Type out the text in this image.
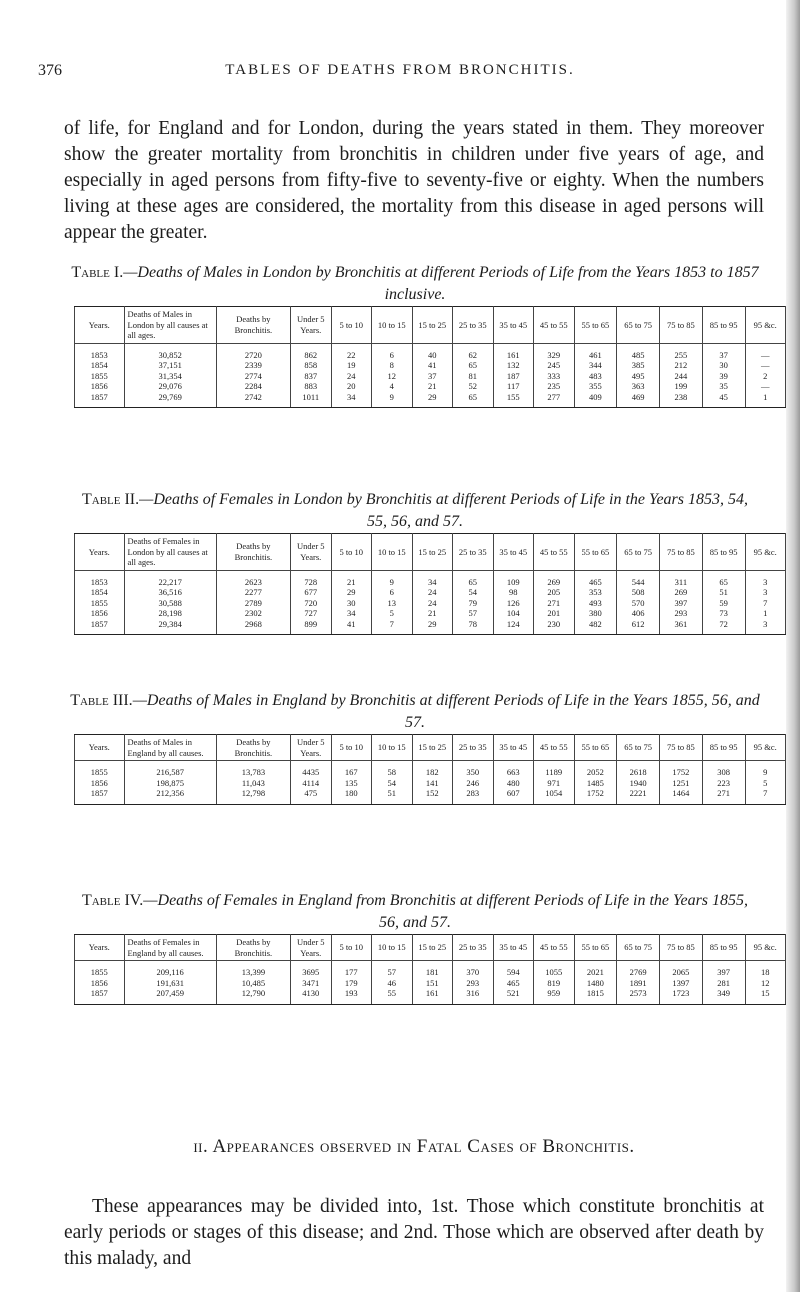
376	TABLES OF DEATHS FROM BRONCHITIS.

of life, for England and for London, during the years stated in them. They moreover show the greater mortality from bronchitis in children under five years of age, and especially in aged persons from fifty-five to seventy-five or eighty. When the numbers living at these ages are considered, the mortality from this disease in aged persons will appear the greater.

Table I.—Deaths of Males in London by Bronchitis at different Periods of Life from the Years 1853 to 1857 inclusive.
Years.	Deaths of Males in London by all causes at all ages.	Deaths by Bronchitis.	Under 5 Years.	5 to 10	10 to 15	15 to 25	25 to 35	35 to 45	45 to 55	55 to 65	65 to 75	75 to 85	85 to 95	95 &c.
1853	30,852	2720	862	22	6	40	62	161	329	461	485	255	37	—
1854	37,151	2339	858	19	8	41	65	132	245	344	385	212	30	—
1855	31,354	2774	837	24	12	37	81	187	333	483	495	244	39	2
1856	29,076	2284	883	20	4	21	52	117	235	355	363	199	35	—
1857	29,769	2742	1011	34	9	29	65	155	277	409	469	238	45	1
Table II.—Deaths of Females in London by Bronchitis at different Periods of Life in the Years 1853, 54, 55, 56, and 57.
Years.	Deaths of Females in London by all causes at all ages.	Deaths by Bronchitis.	Under 5 Years.	5 to 10	10 to 15	15 to 25	25 to 35	35 to 45	45 to 55	55 to 65	65 to 75	75 to 85	85 to 95	95 &c.
1853	22,217	2623	728	21	9	34	65	109	269	465	544	311	65	3
1854	36,516	2277	677	29	6	24	54	98	205	353	508	269	51	3
1855	30,588	2789	720	30	13	24	79	126	271	493	570	397	59	7
1856	28,198	2302	727	34	5	21	57	104	201	380	406	293	73	1
1857	29,384	2968	899	41	7	29	78	124	230	482	612	361	72	3
Table III.—Deaths of Males in England by Bronchitis at different Periods of Life in the Years 1855, 56, and 57.
Years.	Deaths of Males in England by all causes.	Deaths by Bronchitis.	Under 5 Years.	5 to 10	10 to 15	15 to 25	25 to 35	35 to 45	45 to 55	55 to 65	65 to 75	75 to 85	85 to 95	95 &c.
1855	216,587	13,783	4435	167	58	182	350	663	1189	2052	2618	1752	308	9
1856	198,875	11,043	4114	135	54	141	246	480	971	1485	1940	1251	223	5
1857	212,356	12,798	475	180	51	152	283	607	1054	1752	2221	1464	271	7
Table IV.—Deaths of Females in England from Bronchitis at different Periods of Life in the Years 1855, 56, and 57.
Years.	Deaths of Females in England by all causes.	Deaths by Bronchitis.	Under 5 Years.	5 to 10	10 to 15	15 to 25	25 to 35	35 to 45	45 to 55	55 to 65	65 to 75	75 to 85	85 to 95	95 &c.
1855	209,116	13,399	3695	177	57	181	370	594	1055	2021	2769	2065	397	18
1856	191,631	10,485	3471	179	46	151	293	465	819	1480	1891	1397	281	12
1857	207,459	12,790	4130	193	55	161	316	521	959	1815	2573	1723	349	15
ii. Appearances observed in Fatal Cases of Bronchitis.

These appearances may be divided into, 1st. Those which constitute bronchitis at early periods or stages of this disease; and 2nd. Those which are observed after death by this malady, and
